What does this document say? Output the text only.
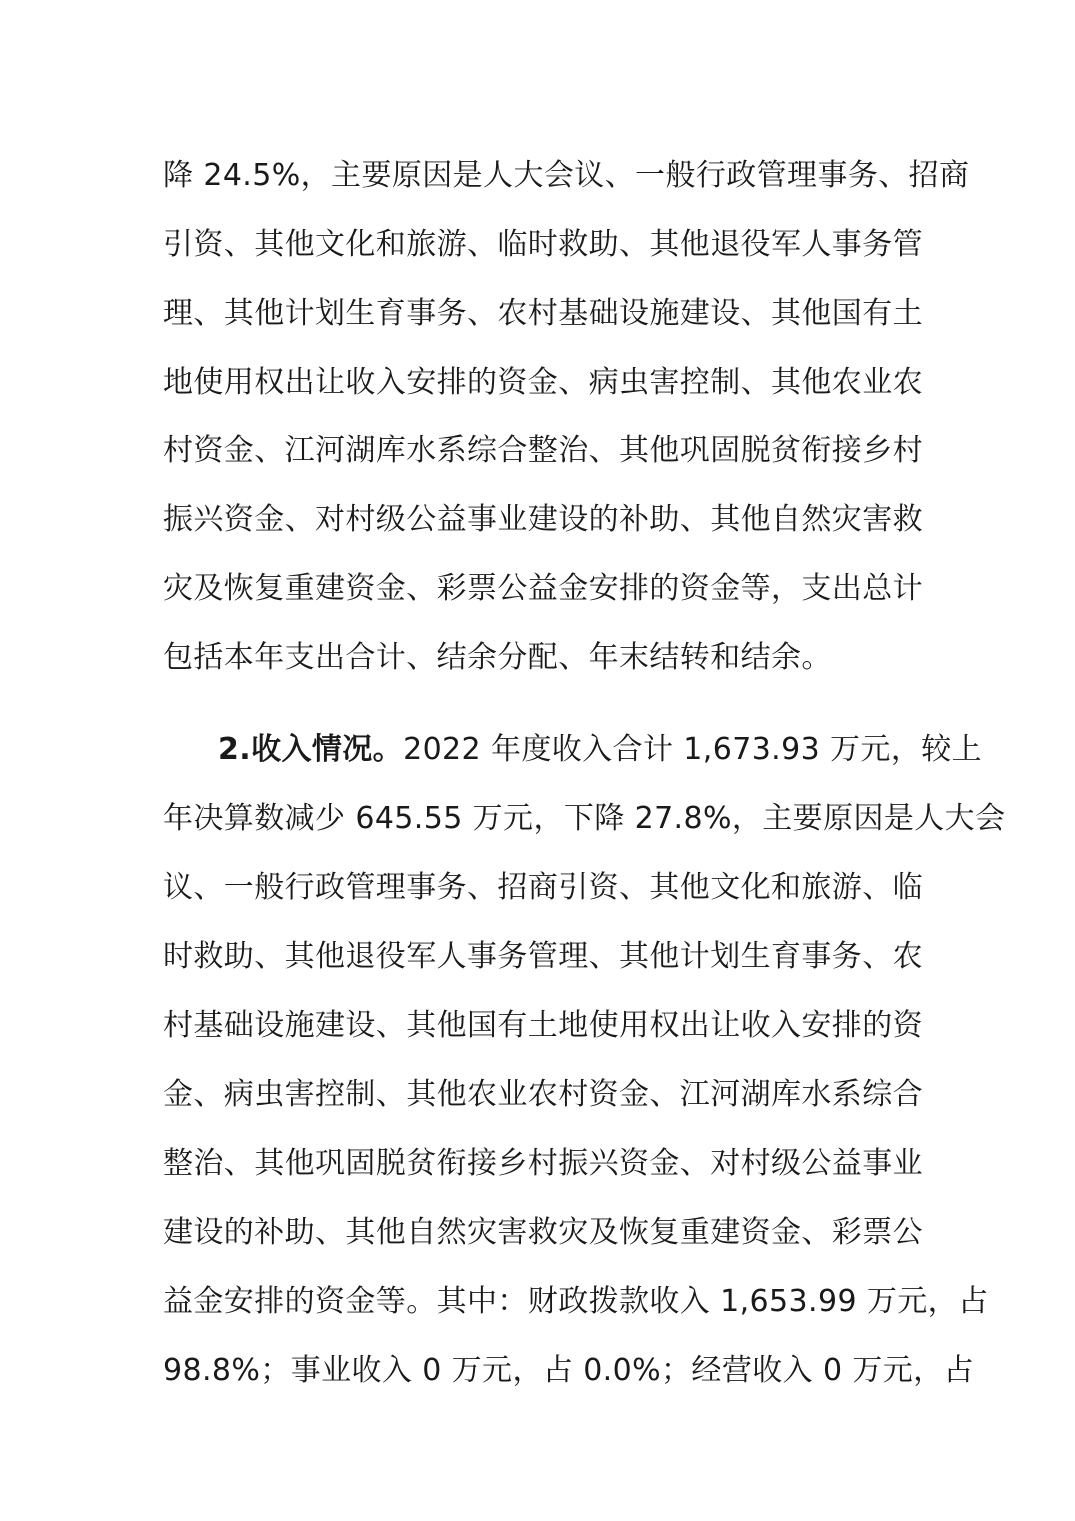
降 24.5%，主要原因是人大会议、一般行政管理事务、招商
引资、其他文化和旅游、临时救助、其他退役军人事务管
理、其他计划生育事务、农村基础设施建设、其他国有土
地使用权出让收入安排的资金、病虫害控制、其他农业农
村资金、江河湖库水系综合整治、其他巩固脱贫衔接乡村
振兴资金、对村级公益事业建设的补助、其他自然灾害救
灾及恢复重建资金、彩票公益金安排的资金等，支出总计
包括本年支出合计、结余分配、年末结转和结余。
2.收入情况。2022 年度收入合计 1,673.93 万元，较上
年决算数减少 645.55 万元，下降 27.8%，主要原因是人大会
议、一般行政管理事务、招商引资、其他文化和旅游、临
时救助、其他退役军人事务管理、其他计划生育事务、农
村基础设施建设、其他国有土地使用权出让收入安排的资
金、病虫害控制、其他农业农村资金、江河湖库水系综合
整治、其他巩固脱贫衔接乡村振兴资金、对村级公益事业
建设的补助、其他自然灾害救灾及恢复重建资金、彩票公
益金安排的资金等。其中：财政拨款收入 1,653.99 万元，占
98.8%；事业收入 0 万元，占 0.0%；经营收入 0 万元，占
